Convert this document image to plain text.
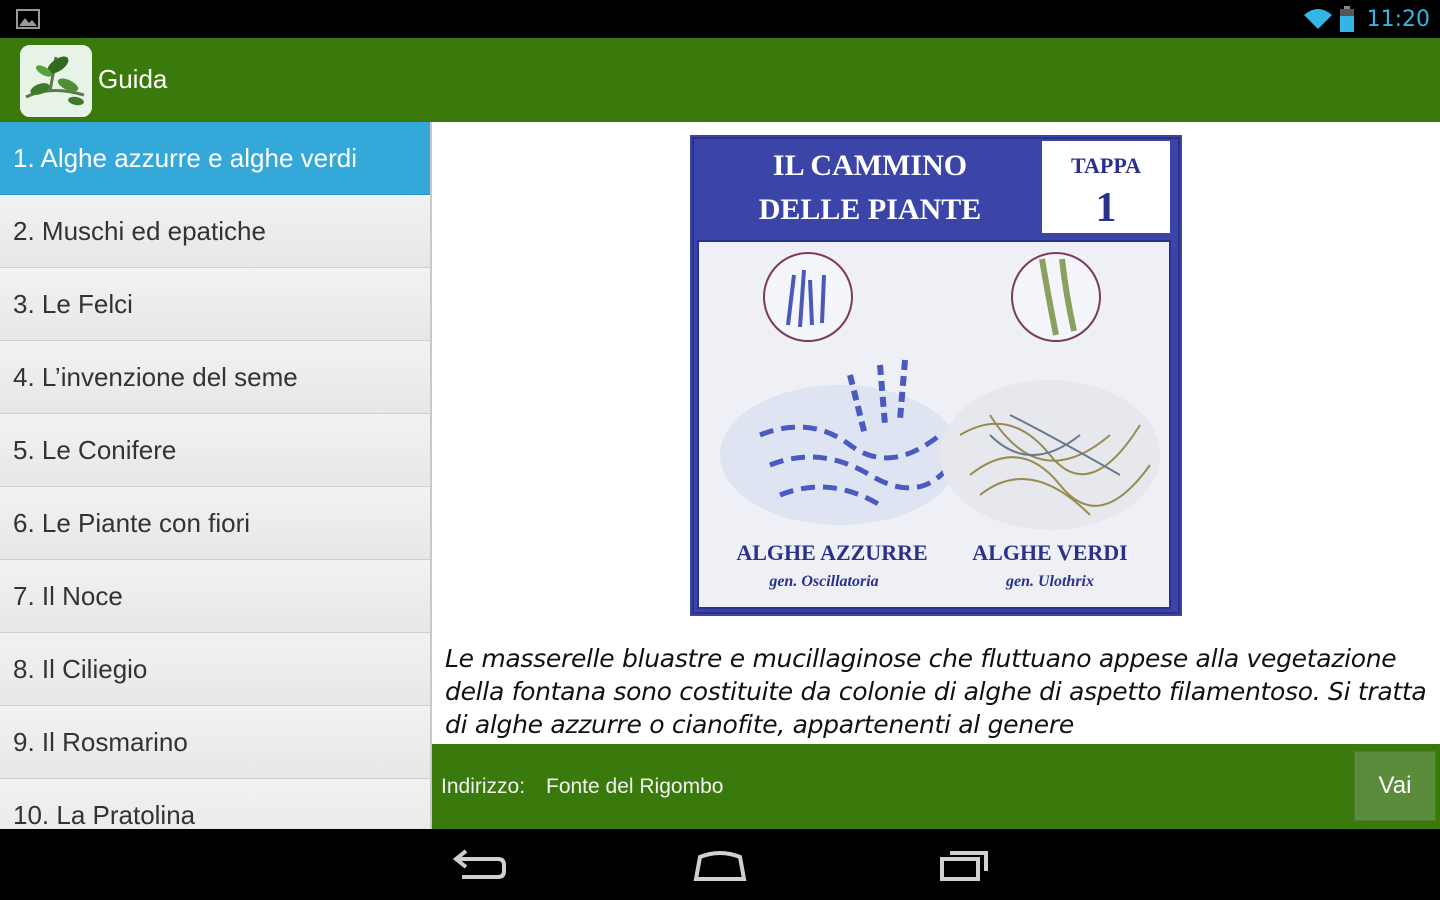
11:20
Guida
1. Alghe azzurre e alghe verdi
2. Muschi ed epatiche
3. Le Felci
4. L’invenzione del seme
5. Le Conifere
6. Le Piante con fiori
7. Il Noce
8. Il Ciliegio
9. Il Rosmarino
10. La Pratolina
IL CAMMINO
DELLE PIANTE
TAPPA
1
ALGHE AZZURRE
gen. Oscillatoria
ALGHE VERDI
gen. Ulothrix

Le masserelle bluastre e mucillaginose che fluttuano appese alla vegetazione della fontana sono costituite da colonie di alghe di aspetto filamentoso. Si tratta di alghe azzurre o cianofite, appartenenti al genere

Indirizzo: Fonte del Rigombo	Vai
